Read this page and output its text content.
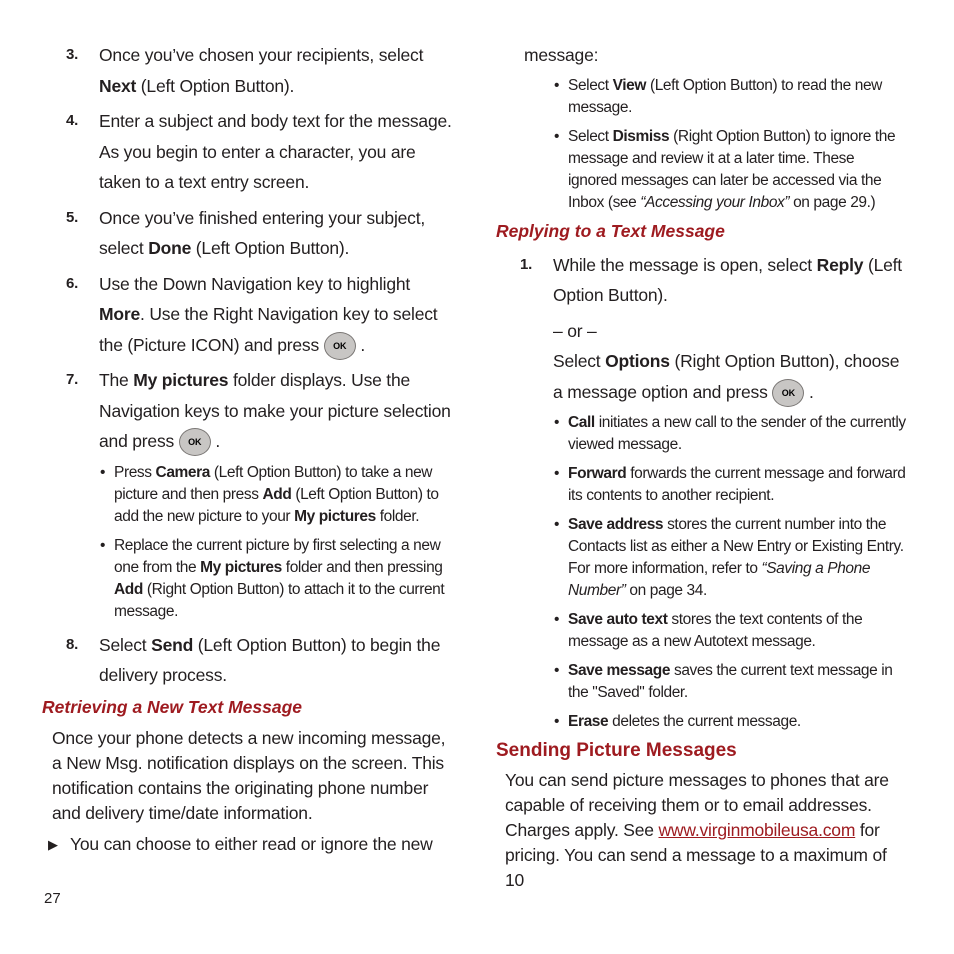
3. Once you’ve chosen your recipients, select Next (Left Option Button).
4. Enter a subject and body text for the message. As you begin to enter a character, you are taken to a text entry screen.
5. Once you’ve finished entering your subject, select Done (Left Option Button).
6. Use the Down Navigation key to highlight More. Use the Right Navigation key to select the (Picture ICON) and press OK .
7. The My pictures folder displays. Use the Navigation keys to make your picture selection and press OK .
• Press Camera (Left Option Button) to take a new picture and then press Add (Left Option Button) to add the new picture to your My pictures folder.
• Replace the current picture by first selecting a new one from the My pictures folder and then pressing Add (Right Option Button) to attach it to the current message.
8. Select Send (Left Option Button) to begin the delivery process.
Retrieving a New Text Message
Once your phone detects a new incoming message, a New Msg. notification displays on the screen. This notification contains the originating phone number and delivery time/date information.
▶ You can choose to either read or ignore the new
message:
• Select View (Left Option Button) to read the new message.
• Select Dismiss (Right Option Button) to ignore the message and review it at a later time. These ignored messages can later be accessed via the Inbox (see “Accessing your Inbox” on page 29.)
Replying to a Text Message
1. While the message is open, select Reply (Left Option Button).
– or –
Select Options (Right Option Button), choose a message option and press OK .
• Call initiates a new call to the sender of the currently viewed message.
• Forward forwards the current message and forward its contents to another recipient.
• Save address stores the current number into the Contacts list as either a New Entry or Existing Entry. For more information, refer to “Saving a Phone Number” on page 34.
• Save auto text stores the text contents of the message as a new Autotext message.
• Save message saves the current text message in the "Saved" folder.
• Erase deletes the current message.
Sending Picture Messages
You can send picture messages to phones that are capable of receiving them or to email addresses. Charges apply. See www.virginmobileusa.com for pricing. You can send a message to a maximum of 10
27
